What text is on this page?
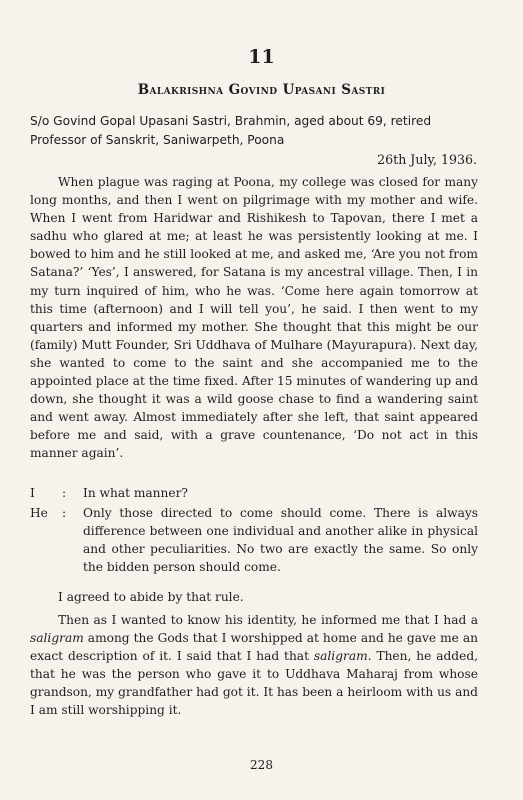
11
Balakrishna Govind Upasani Sastri
S/o Govind Gopal Upasani Sastri, Brahmin, aged about 69, retired Professor of Sanskrit, Saniwarpeth, Poona
26th July, 1936.

When plague was raging at Poona, my college was closed for many long months, and then I went on pilgrimage with my mother and wife. When I went from Haridwar and Rishikesh to Tapovan, there I met a sadhu who glared at me; at least he was persistently looking at me. I bowed to him and he still looked at me, and asked me, ‘Are you not from Satana?’ ‘Yes’, I answered, for Satana is my ancestral village. Then, I in my turn inquired of him, who he was. ‘Come here again tomorrow at this time (afternoon) and I will tell you’, he said. I then went to my quarters and informed my mother. She thought that this might be our (family) Mutt Founder, Sri Uddhava of Mulhare (Mayurapura). Next day, she wanted to come to the saint and she accompanied me to the appointed place at the time fixed. After 15 minutes of wandering up and down, she thought it was a wild goose chase to find a wandering saint and went away. Almost immediately after she left, that saint appeared before me and said, with a grave countenance, ‘Do not act in this manner again’.

I : In what manner?
He : Only those directed to come should come. There is always difference between one individual and another alike in physical and other peculiarities. No two are exactly the same. So only the bidden person should come.
I agreed to abide by that rule.

Then as I wanted to know his identity, he informed me that I had a saligram among the Gods that I worshipped at home and he gave me an exact description of it. I said that I had that saligram. Then, he added, that he was the person who gave it to Uddhava Maharaj from whose grandson, my grandfather had got it. It has been a heirloom with us and I am still worshipping it.

228
